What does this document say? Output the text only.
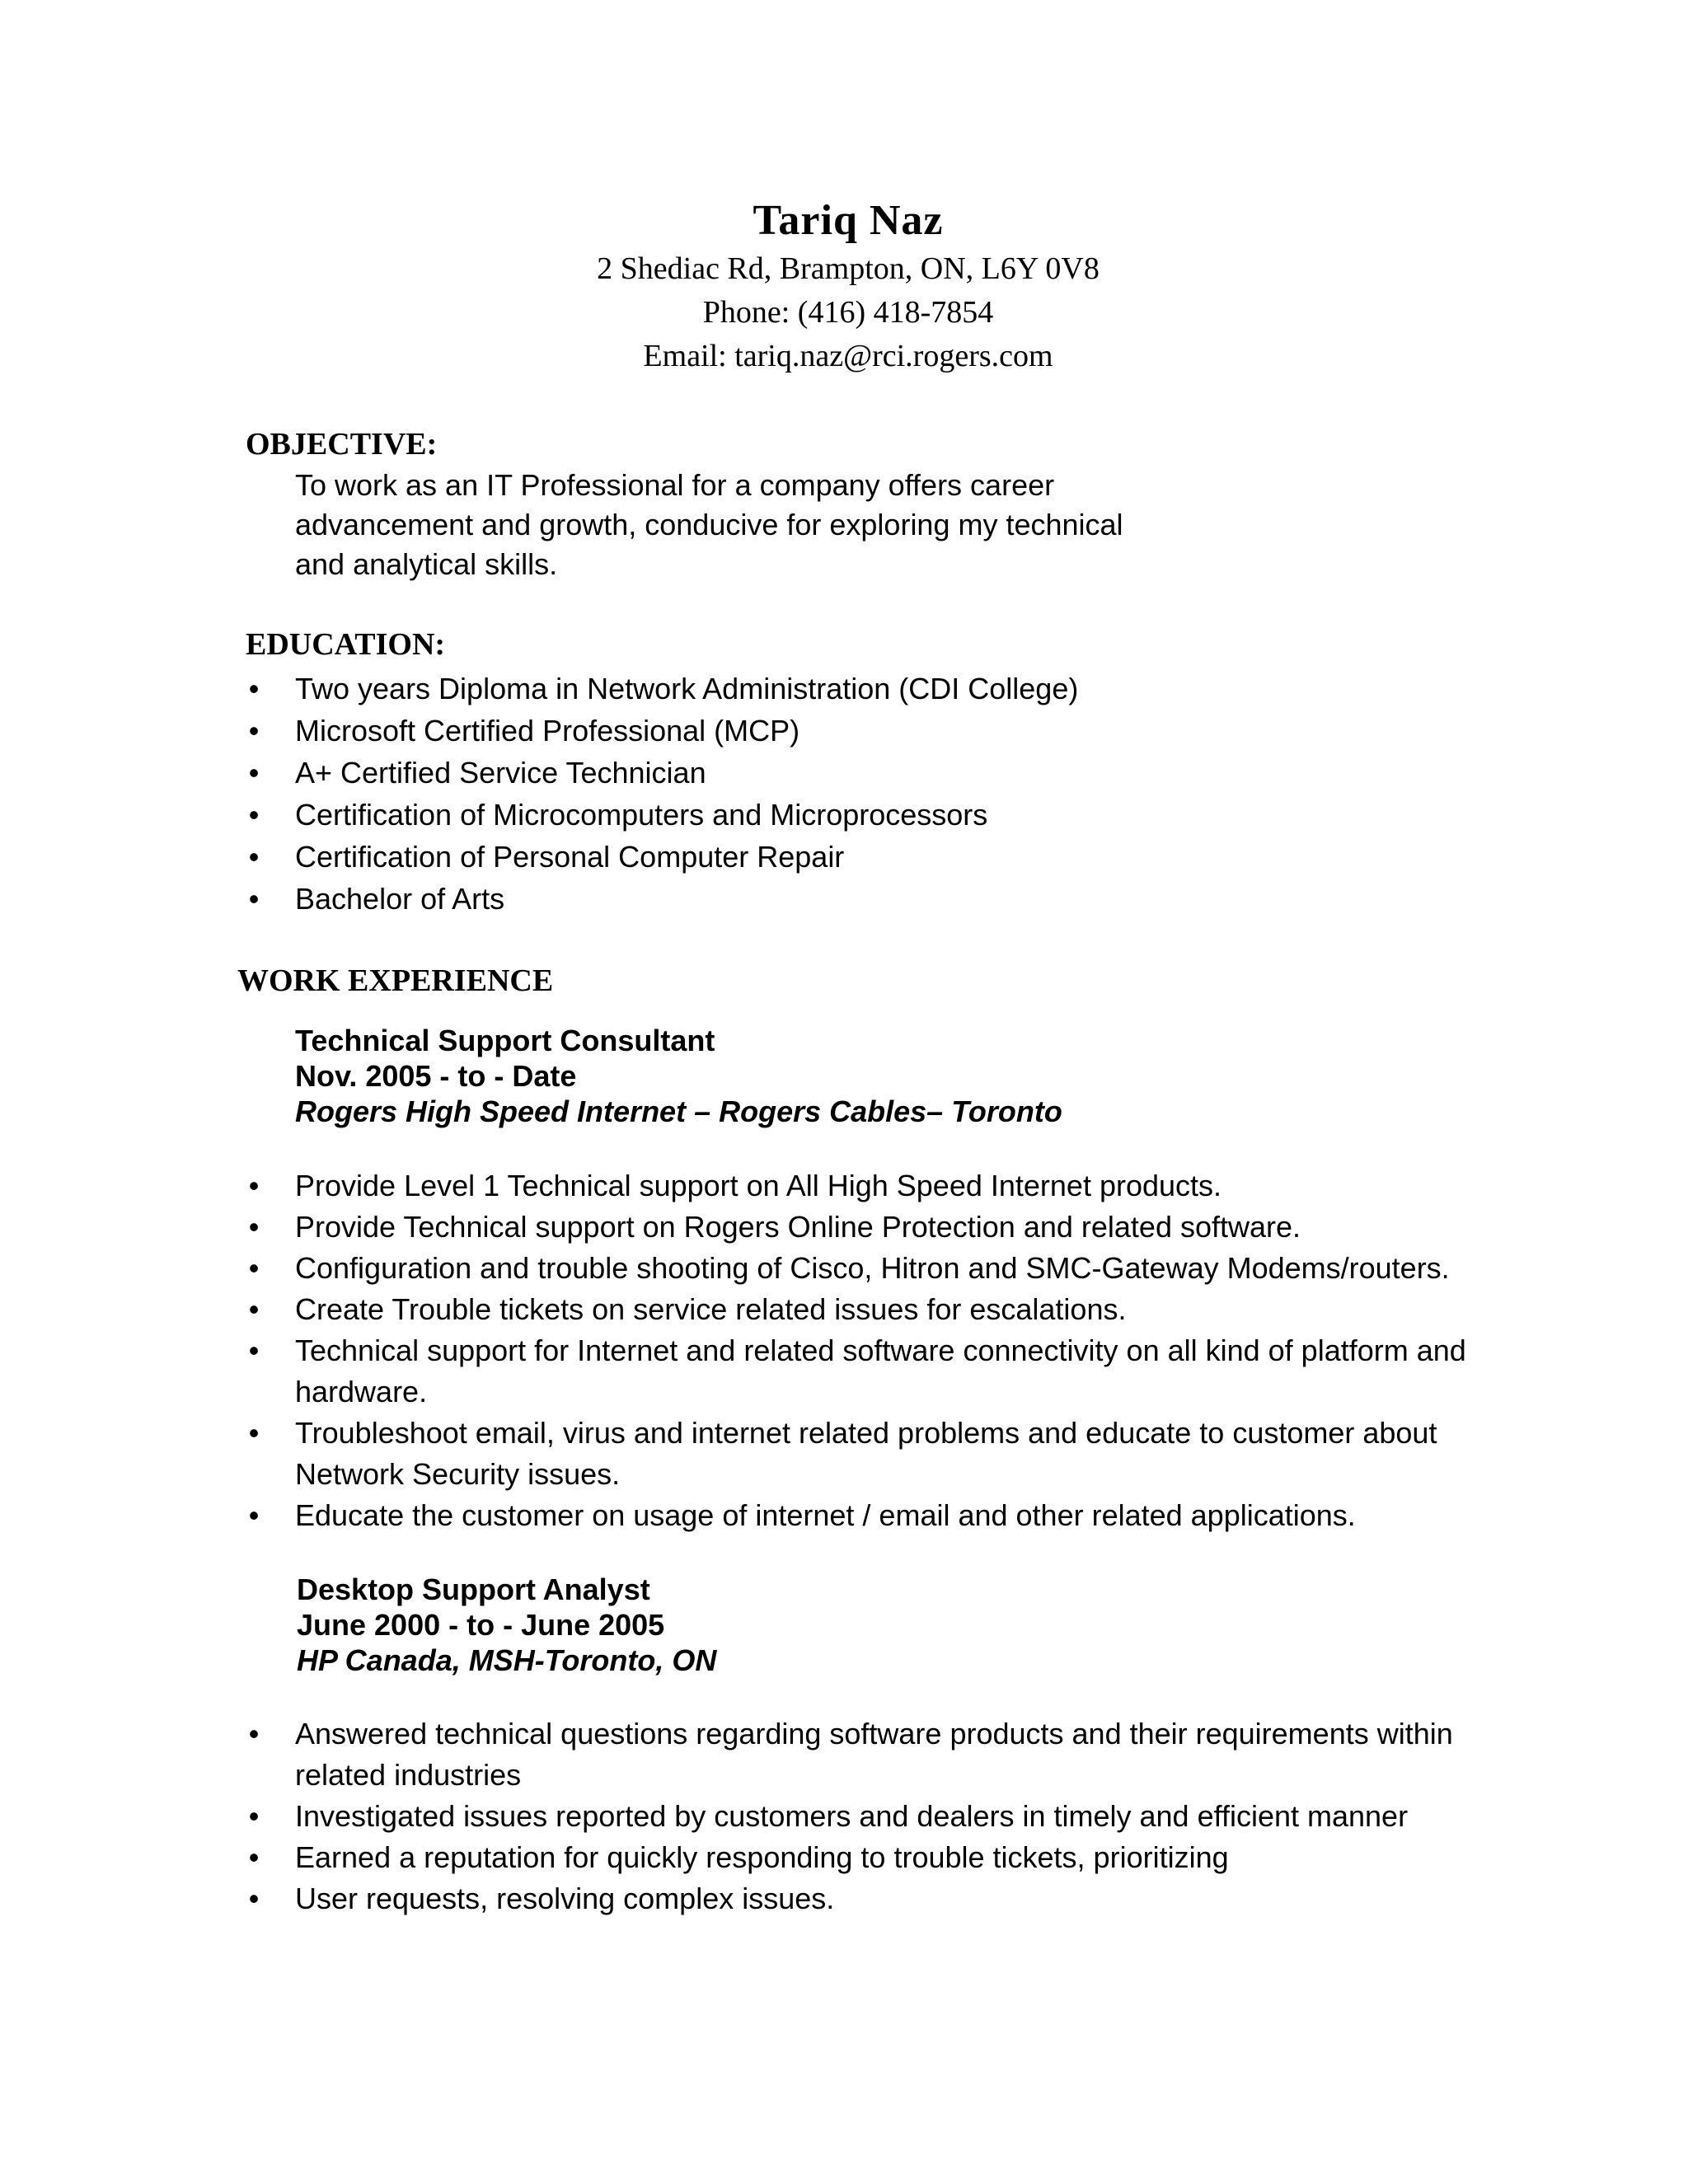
Tariq Naz
2 Shediac Rd, Brampton, ON, L6Y 0V8
Phone: (416) 418-7854
Email: tariq.naz@rci.rogers.com
OBJECTIVE:
To work as an IT Professional for a company offers career
advancement and growth, conducive for exploring my technical
and analytical skills.
EDUCATION:
• Two years Diploma in Network Administration (CDI College)
• Microsoft Certified Professional (MCP)
• A+ Certified Service Technician
• Certification of Microcomputers and Microprocessors
• Certification of Personal Computer Repair
• Bachelor of Arts
WORK EXPERIENCE
Technical Support Consultant
Nov. 2005 - to - Date
Rogers High Speed Internet – Rogers Cables– Toronto
• Provide Level 1 Technical support on All High Speed Internet products.
• Provide Technical support on Rogers Online Protection and related software.
• Configuration and trouble shooting of Cisco, Hitron and SMC-Gateway Modems/routers.
• Create Trouble tickets on service related issues for escalations.
• Technical support for Internet and related software connectivity on all kind of platform and hardware.
• Troubleshoot email, virus and internet related problems and educate to customer about Network Security issues.
• Educate the customer on usage of internet / email and other related applications.
Desktop Support Analyst
June 2000 - to - June 2005
HP Canada, MSH-Toronto, ON
• Answered technical questions regarding software products and their requirements within related industries
• Investigated issues reported by customers and dealers in timely and efficient manner
• Earned a reputation for quickly responding to trouble tickets, prioritizing
• User requests, resolving complex issues.
